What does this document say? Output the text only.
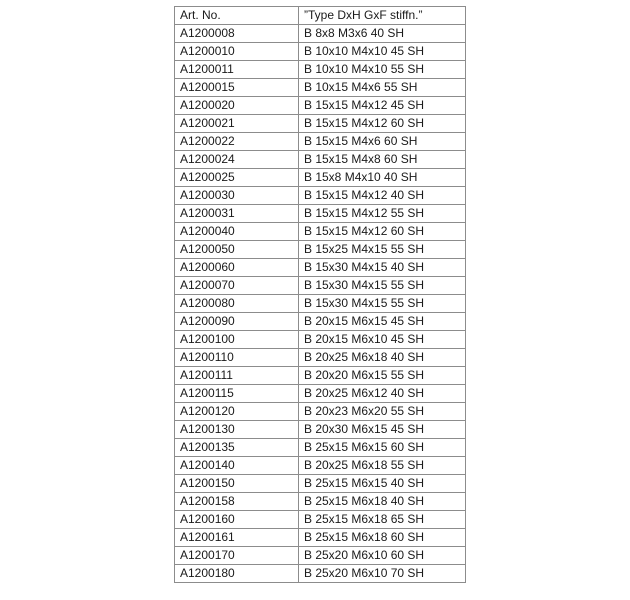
Art. No.	”Type DxH GxF stiffn.”
A1200008	B 8x8 M3x6 40 SH
A1200010	B 10x10 M4x10 45 SH
A1200011	B 10x10 M4x10 55 SH
A1200015	B 10x15 M4x6 55 SH
A1200020	B 15x15 M4x12 45 SH
A1200021	B 15x15 M4x12 60 SH
A1200022	B 15x15 M4x6 60 SH
A1200024	B 15x15 M4x8 60 SH
A1200025	B 15x8 M4x10 40 SH
A1200030	B 15x15 M4x12 40 SH
A1200031	B 15x15 M4x12 55 SH
A1200040	B 15x15 M4x12 60 SH
A1200050	B 15x25 M4x15 55 SH
A1200060	B 15x30 M4x15 40 SH
A1200070	B 15x30 M4x15 55 SH
A1200080	B 15x30 M4x15 55 SH
A1200090	B 20x15 M6x15 45 SH
A1200100	B 20x15 M6x10 45 SH
A1200110	B 20x25 M6x18 40 SH
A1200111	B 20x20 M6x15 55 SH
A1200115	B 20x25 M6x12 40 SH
A1200120	B 20x23 M6x20 55 SH
A1200130	B 20x30 M6x15 45 SH
A1200135	B 25x15 M6x15 60 SH
A1200140	B 20x25 M6x18 55 SH
A1200150	B 25x15 M6x15 40 SH
A1200158	B 25x15 M6x18 40 SH
A1200160	B 25x15 M6x18 65 SH
A1200161	B 25x15 M6x18 60 SH
A1200170	B 25x20 M6x10 60 SH
A1200180	B 25x20 M6x10 70 SH
